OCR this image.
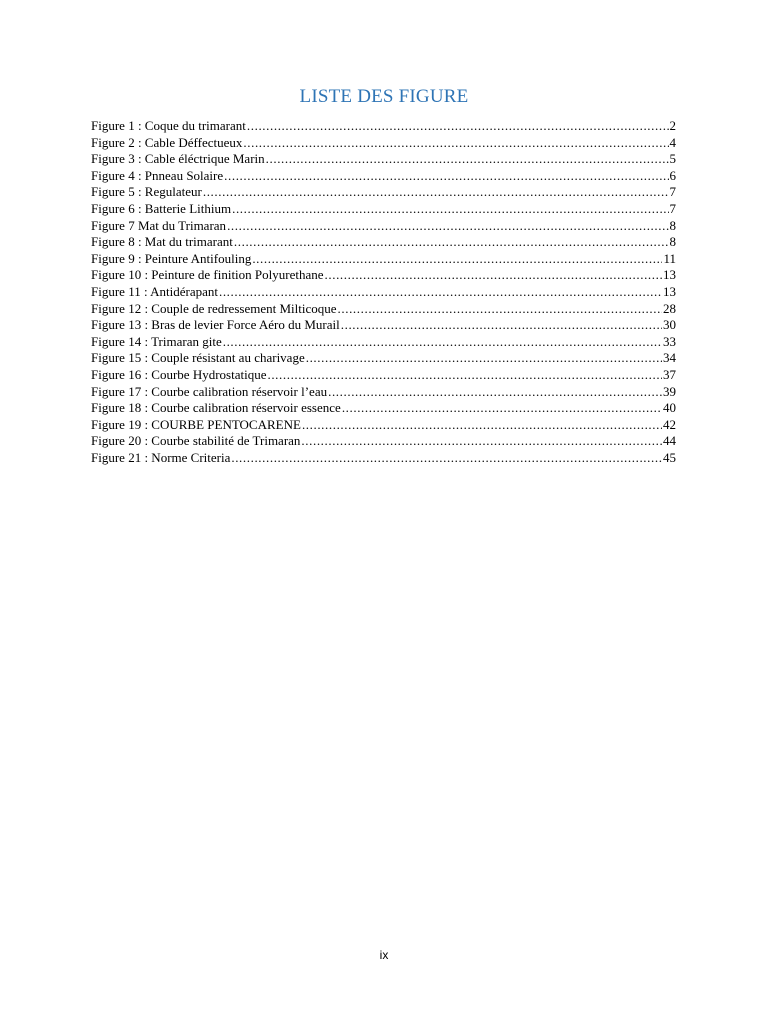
LISTE DES FIGURE
Figure 1 : Coque du trimarant .....	2
Figure 2 : Cable Déffectueux .....	4
Figure 3 : Cable éléctrique Marin .....	5
Figure 4 : Pnneau Solaire .....	6
Figure 5 : Regulateur .....	7
Figure 6 : Batterie Lithium .....	7
Figure 7 Mat du Trimaran .....	8
Figure 8 : Mat du trimarant .....	8
Figure 9 : Peinture Antifouling .....	11
Figure 10 : Peinture de finition Polyurethane .....	13
Figure 11 : Antidérapant .....	13
Figure 12 : Couple de redressement Milticoque .....	28
Figure 13 : Bras de levier Force Aéro du Murail .....	30
Figure 14 : Trimaran gite .....	33
Figure 15 : Couple résistant au charivage .....	34
Figure 16 : Courbe Hydrostatique .....	37
Figure 17 : Courbe calibration réservoir l’eau .....	39
Figure 18 : Courbe calibration réservoir essence .....	40
Figure 19 : COURBE PENTOCARENE .....	42
Figure 20 : Courbe stabilité de Trimaran .....	44
Figure 21 : Norme Criteria .....	45
ix
